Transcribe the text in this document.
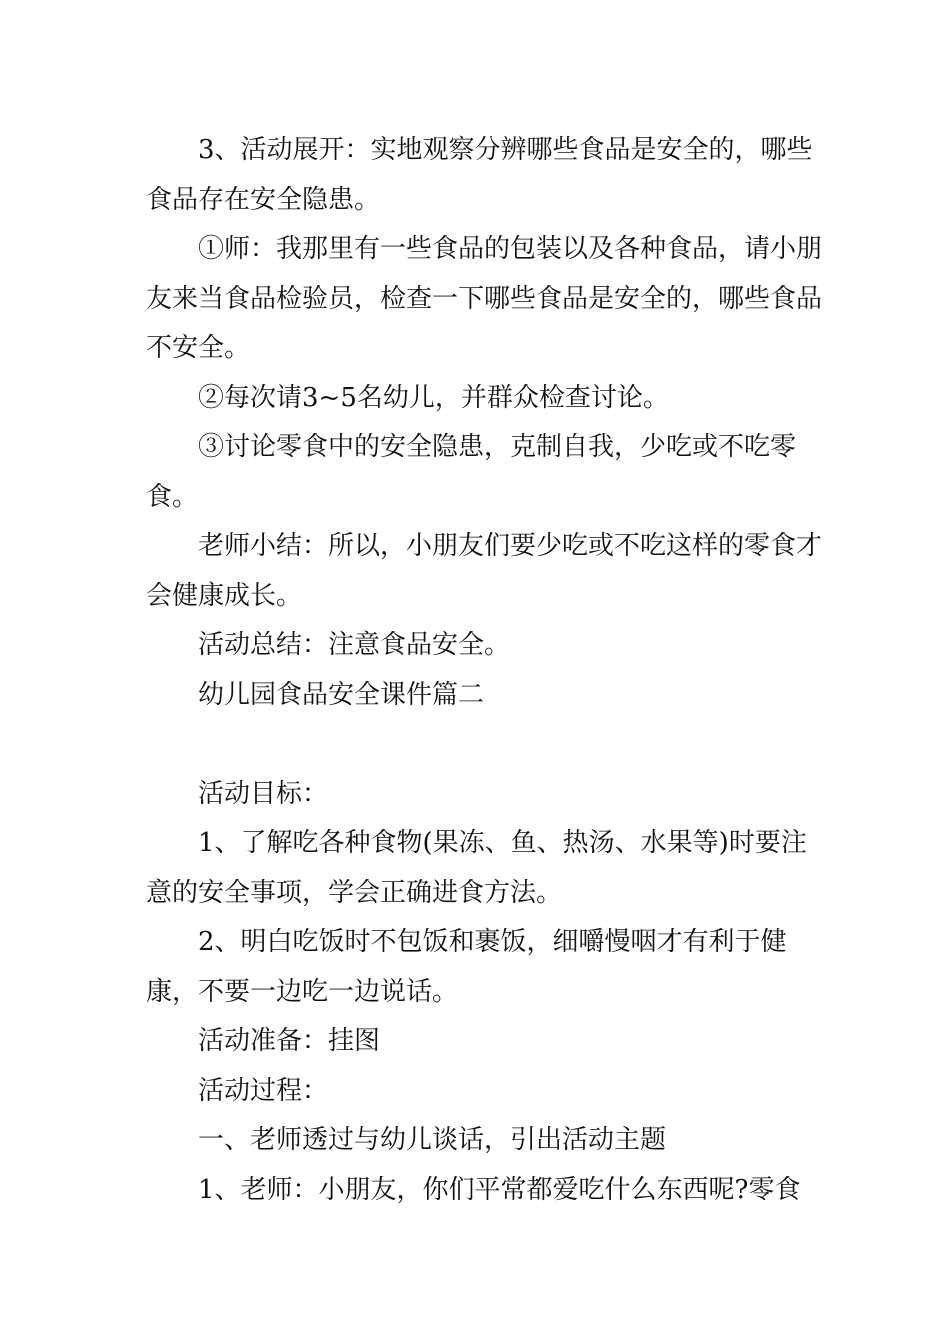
3、活动展开：实地观察分辨哪些食品是安全的，哪些食品存在安全隐患。

①师：我那里有一些食品的包装以及各种食品，请小朋友来当食品检验员，检查一下哪些食品是安全的，哪些食品不安全。

②每次请3~5名幼儿，并群众检查讨论。

③讨论零食中的安全隐患，克制自我，少吃或不吃零食。

老师小结：所以，小朋友们要少吃或不吃这样的零食才会健康成长。

活动总结：注意食品安全。

幼儿园食品安全课件篇二

活动目标：

1、了解吃各种食物(果冻、鱼、热汤、水果等)时要注意的安全事项，学会正确进食方法。

2、明白吃饭时不包饭和裹饭，细嚼慢咽才有利于健康，不要一边吃一边说话。

活动准备：挂图

活动过程：

一、老师透过与幼儿谈话，引出活动主题

1、老师：小朋友，你们平常都爱吃什么东西呢?零食
